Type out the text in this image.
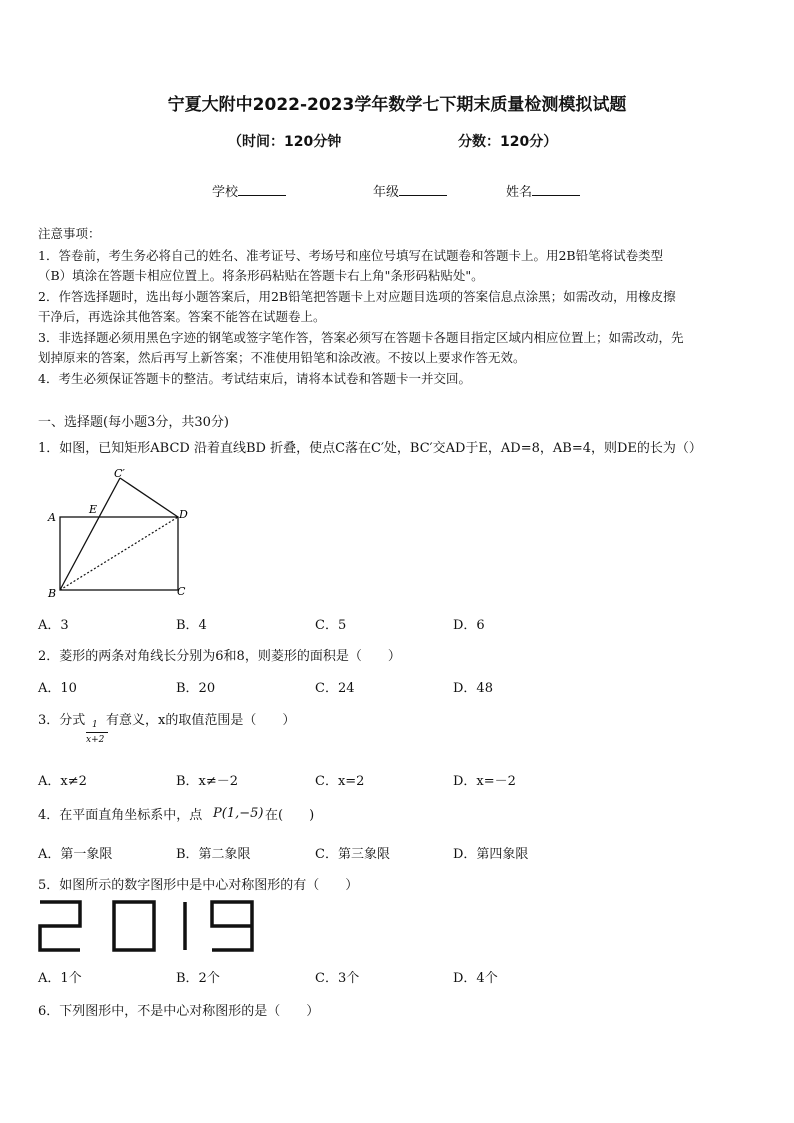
宁夏大附中2022-2023学年数学七下期末质量检测模拟试题
（时间：120分钟	分数：120分）
学校	年级	姓名
注意事项：
1．答卷前，考生务必将自己的姓名、准考证号、考场号和座位号填写在试题卷和答题卡上。用2B铅笔将试卷类型
（B）填涂在答题卡相应位置上。将条形码粘贴在答题卡右上角"条形码粘贴处"。
2．作答选择题时，选出每小题答案后，用2B铅笔把答题卡上对应题目选项的答案信息点涂黑；如需改动，用橡皮擦
干净后，再选涂其他答案。答案不能答在试题卷上。
3．非选择题必须用黑色字迹的钢笔或签字笔作答，答案必须写在答题卡各题目指定区域内相应位置上；如需改动，先
划掉原来的答案，然后再写上新答案；不准使用铅笔和涂改液。不按以上要求作答无效。
4．考生必须保证答题卡的整洁。考试结束后，请将本试卷和答题卡一并交回。
一、选择题(每小题3分，共30分)
1．如图，已知矩形ABCD 沿着直线BD 折叠，使点C落在C′处，BC′交AD于E，AD=8，AB=4，则DE的长为（）
C′
E
A	D
B	C
A．3	B．4	C．5	D．6
2．菱形的两条对角线长分别为6和8，则菱形的面积是（　　）
A．10	B．20	C．24	D．48
3．分式 1
x+2
有意义，x的取值范围是（　　）
A．x≠2	B．x≠－2	C．x=2	D．x=－2
4．在平面直角坐标系中，点 P(1,−5) 在(　　)
A．第一象限	B．第二象限	C．第三象限	D．第四象限
5．如图所示的数字图形中是中心对称图形的有（　　）
A．1个	B．2个	C．3个	D．4个
6．下列图形中，不是中心对称图形的是（　　）
